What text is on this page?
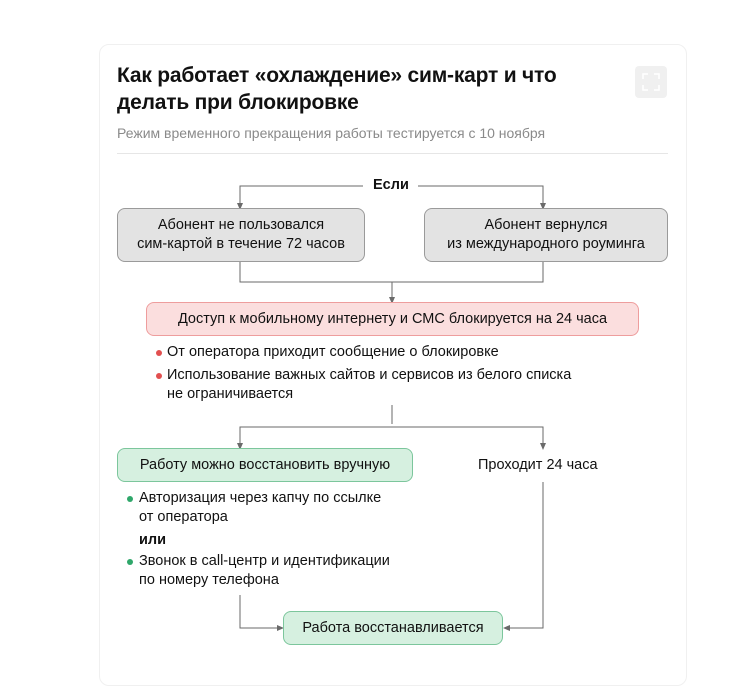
Как работает «охлаждение» сим-карт и что делать при блокировке
Режим временного прекращения работы тестируется с 10 ноября
Если
Абонент не пользовался
сим-картой в течение 72 часов
Абонент вернулся
из международного роуминга
Доступ к мобильному интернету и СМС блокируется на 24 часа
От оператора приходит сообщение о блокировке
Использование важных сайтов и сервисов из белого списка
не ограничивается
Работу можно восстановить вручную	Проходит 24 часа
Авторизация через капчу по ссылке
от оператора
или
Звонок в call-центр и идентификации
по номеру телефона
Работа восстанавливается
